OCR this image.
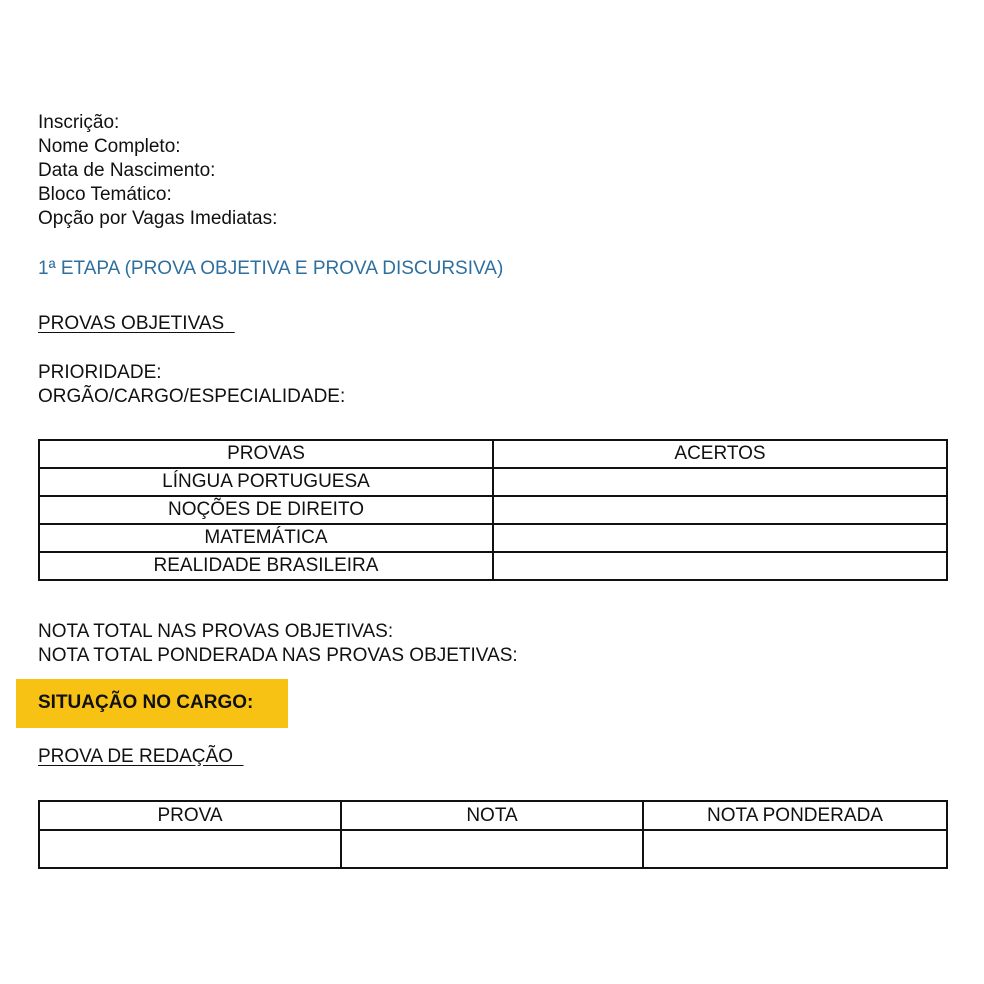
Inscrição:
Nome Completo:
Data de Nascimento:
Bloco Temático:
Opção por Vagas Imediatas:
1ª ETAPA (PROVA OBJETIVA E PROVA DISCURSIVA)
PROVAS OBJETIVAS
PRIORIDADE:
ORGÃO/CARGO/ESPECIALIDADE:
PROVAS	ACERTOS
LÍNGUA PORTUGUESA	
NOÇÕES DE DIREITO	
MATEMÁTICA	
REALIDADE BRASILEIRA	
NOTA TOTAL NAS PROVAS OBJETIVAS:
NOTA TOTAL PONDERADA NAS PROVAS OBJETIVAS:
SITUAÇÃO NO CARGO:
PROVA DE REDAÇÃO
PROVA	NOTA	NOTA PONDERADA
